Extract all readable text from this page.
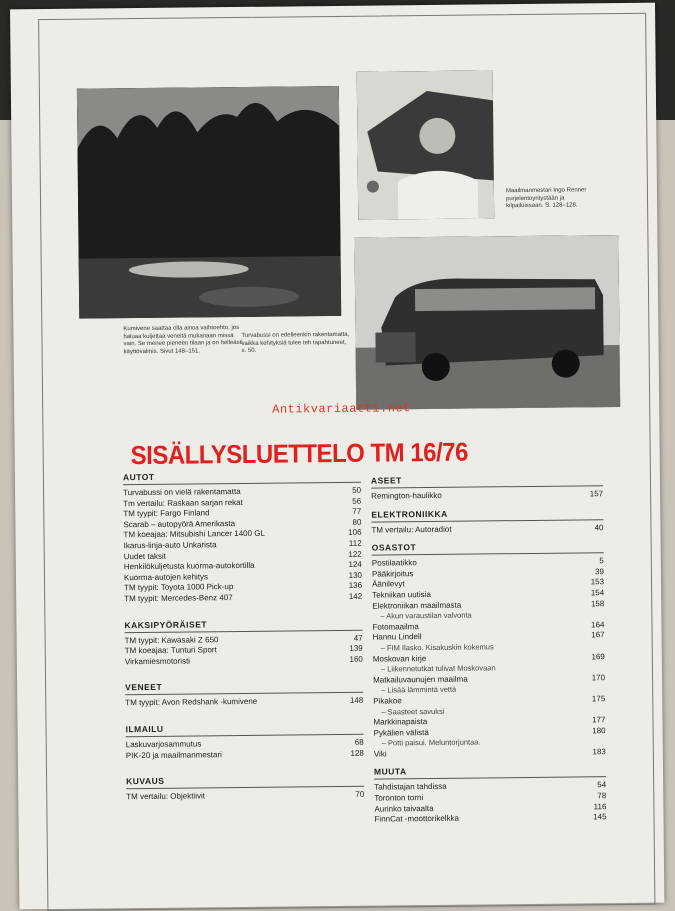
Kumivene saattaa olla ainoa vaihtoehto, jos haluaa kuljettaa veneitä mukanaan missä vain. Se menee pieneen tilaan ja on helleästi käyttövalmis. Sivut 148–151.
Turvabussi on edelleenkin rakentamatta, vaikka kehityksiä tulee teh tapahtuneet, s. 50.
Maailmanmestari Ingo Renner purjelentoyritystään ja kilpailuissaan. S. 128–128.
Antikvariaatti.net
SISÄLLYSLUETTELO TM 16/76
AUTOT
Turvabussi on vielä rakentamatta	50
Tm vertailu: Raskaan sarjan rekat	56
TM tyypit: Fargo Finland	77
Scarab – autopyörä Amerikasta	80
TM koeajaa: Mitsubishi Lancer 1400 GL	106
Ikarus-linja-auto Unkarista	112
Uudet taksit	122
Henkilökuljetusta kuorma-autokortilla	124
Kuorma-autojen kehitys	130
TM tyypit: Toyota 1000 Pick-up	136
TM tyypit: Mercedes-Benz 407	142
KAKSIPYÖRÄISET
TM tyypit: Kawasaki Z 650	47
TM koeajaa: Tunturi Sport	139
Virkamiesmotoristi	160
VENEET
TM tyypit: Avon Redshank -kumivene	148
ILMAILU
Laskuvarjosammutus	68
PIK-20 ja maailmanmestari	128
KUVAUS
TM vertailu: Objektiivit	70
ASEET
Remington-haulikko	157
ELEKTRONIIKKA
TM vertailu: Autoradiot	40
OSASTOT
Postilaatikko	5
Pääkirjoitus	39
Äänilevyt	153
Tekniikan uutisia	154
Elektroniikan maailmasta	158
– Akun varaustilan valvonta
Fotomaailma	164
Hannu Lindell	167
– FIM Ilasko. Kisakuskin kokemus
Moskovan kirje	169
– Liikennetutkat tulivat Moskovaan
Matkailuvaunujen maailma	170
– Lisää lämmintä vettä
Pikakoe	175
– Saasteet savuksi
Markkinapaista	177
Pykälien välistä	180
– Potti paisui. Meluntorjuntaa.
Viki	183
MUUTA
Tahdistajan tahdissa	54
Toronton torni	78
Aurinko taivaalta	116
FinnCat -moottorikelkka	145
